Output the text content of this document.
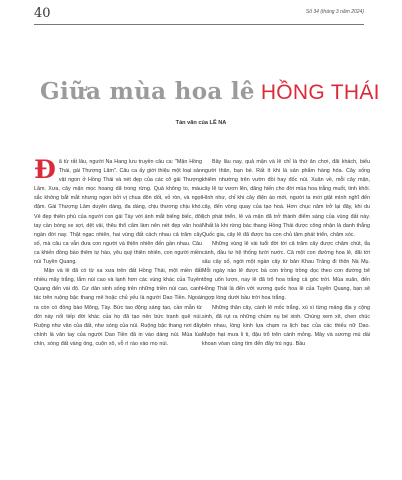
40	Số 34 (tháng 3 năm 2024)
Giữa mùa hoa lê HỒNG THÁI
Tản văn của LÊ NA

Đã từ rất lâu, người Na Hang lưu truyền câu ca: "Mận Hồng Thái, gái Thượng Lâm". Câu ca ấy giới thiệu một loại sản vật ngon ở Hồng Thái và nét đẹp của các cô gái Thượng Lâm. Xưa, cây mận mọc hoang dã trong rừng. Quả không to, màu sắc không bắt mắt nhưng ngon bởi vị chua đôn dốt, vỏ ròn, và ngọt đậm. Gái Thượng Lâm duyên dáng, đa dáng, chịu thương chịu khó. Vẻ đẹp thiên phú của người con gái Tày với ánh mắt biếng biếc, đôi tay cần bóng xe sợi, dệt vải, thêu thổ cẩm làm nên nét đẹp văn hoá ngàn đời nay. Thật ngạc nhiên, hai vùng đất cách nhau cả trăm cây số, mà câu ca vẫn đưa con người và thiên nhiên đến gần nhau. Câu ca khiến đồng bào thêm tự hào, yêu quý thiên nhiên, con người miền núi Tuyên Quang.

Mận và lê đã có từ xa xưa trên đất Hồng Thái, một miền đất nhiều mây trắng, lắm núi cao và lạnh hơn các vùng khác của Tuyên Quang đến vài độ. Cư dân sinh sống trên những triền núi cao, canh tác trên ruộng bậc thang mê hoặc chủ yếu là người Dao Tiền. Ngoài ra còn có đồng bào Mông, Tày. Bức tao động sáng tạo, cần mẫn từ đời này nối tiếp đời khác của họ đã tạo nên bức tranh quê núi. Ruộng như vân của đất, như sóng của núi. Ruộng bậc thang nơi đây chính là văn tay của người Dao Tiền đã in vào dáng núi. Mùa lúa chín, sóng đất vàng óng, cuộn xô, vỗ rì rào vào mọ núi.

Bây lâu nay, quả mận và lê chỉ là thứ ăn chơi, đãi khách, biếu người thân, bạn bè. Rất ít khi là sản phẩm hàng hóa. Cây sống khiêm nhường trên vườn đồi hay đốc núi. Xuân về, mỗi cây mận, cây lê tự vươn lên, dâng hiến cho đời mùa hoa trắng muốt, tinh khôi. Hình như, chỉ khi cây điện áo mới, người ta mới giật mình nghĩ đến cây, đến vòng quay của tạo hoá. Hơn chục năm trở lại đây, khi du lịch phát triển, lê và mận đã trở thành điểm sáng của vùng đất này. Nhất là khi rừng bác thang Hồng Thái được công nhận là danh thắng Quốc gia, cây lê đã được ba con chủ tâm phát triển, chăm sóc.

Những vùng lê vài tuổi đời tới cả trăm cây được chăm chút, tỉa cành, đầu tư hệ thống tưới nước. Cả một con đường hoa lê, đãi tới sâu cây số, ngót một ngàn cây từ bản Khau Trăng đi thôn Nà Mụ. Mỗi ngày nào lê được bà con trồng trồng dọc theo con đường bê tông uốn lượn, nay lê đã trổ hoa trắng cả góc trời. Mùa xuân, đến Hồng Thái là đến với vương quốc hoa lê của Tuyên Quang, bạn sẽ ngợp lòng dưới bầu trời hoa trắng.

Những thân cây, cành lê mốc trắng, xù xì từng mảng địa y cộng sinh, đã rụt ra những chùm nụ bé xinh. Chúng xem xít, chen chúc bên nhau, lòng kinh lựa chạm ra lịch bạc của các thiếu nữ Dao. Muộn hạt mưa li ti, đậu trổ trên cánh mỏng. Mây và sương mù dài khoan vòan cùng tìm đến đây trú ngụ. Bầu
